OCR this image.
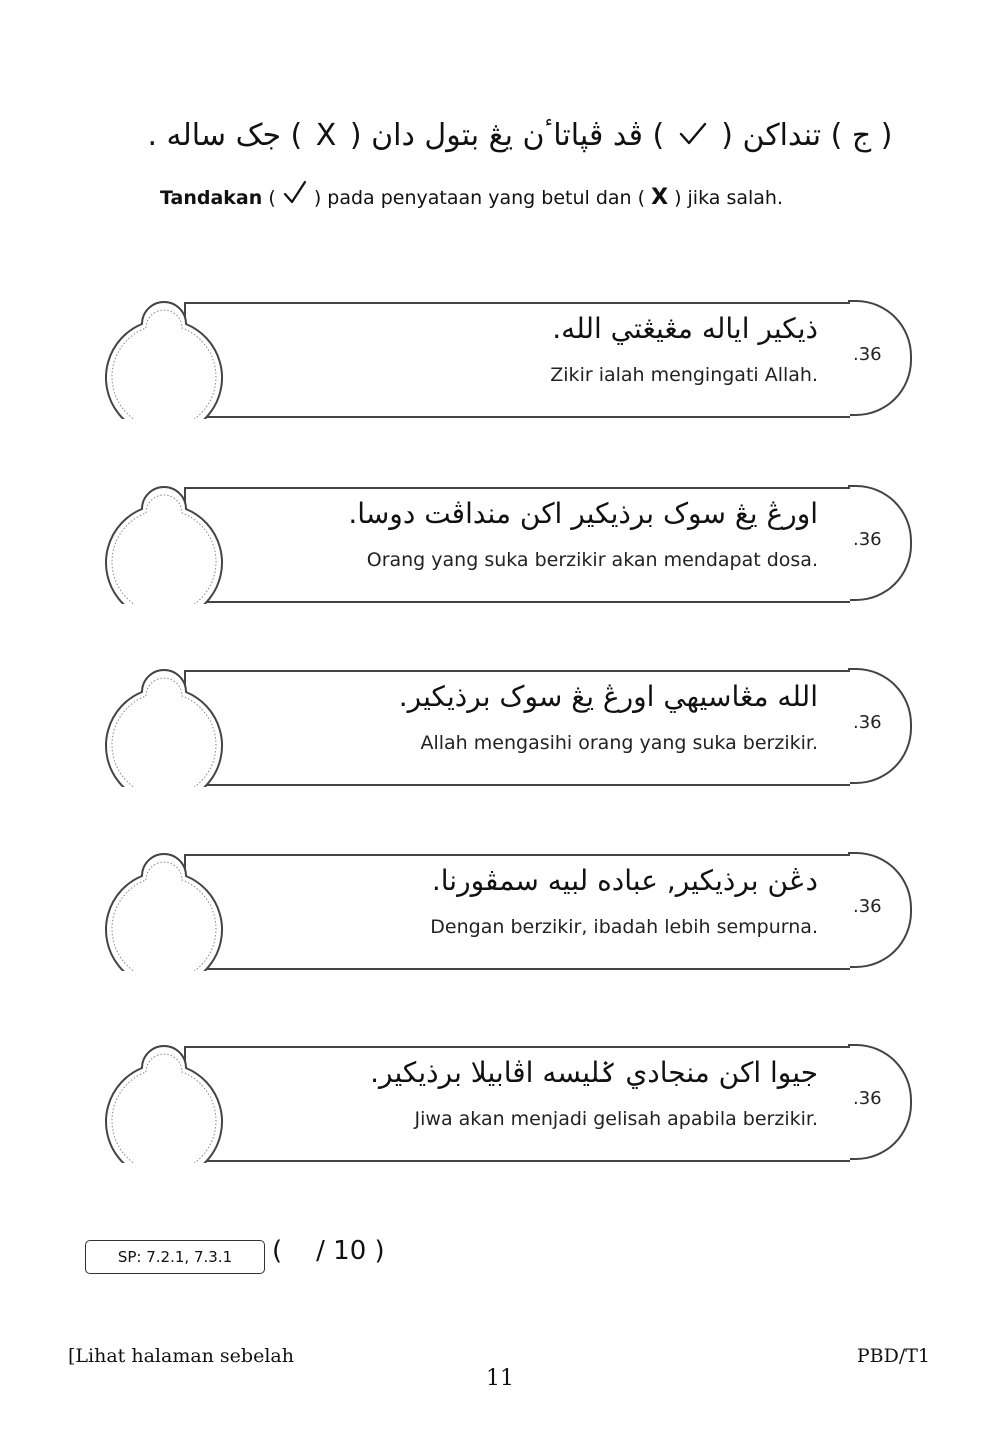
( ج ) تنداكن (  ) ڤد ڤپاتاٴن يڠ بتول دان ( X ) جک ساله .
Tandakan ( ) pada penyataan yang betul dan ( X ) jika salah.
ذيکير اياله مڠيڠتي الله.
Zikir ialah mengingati Allah.
.36
اورڠ يڠ سوک برذيکير اکن منداڤت دوسا.
Orang yang suka berzikir akan mendapat dosa.
.36
الله مڠاسيهي اورڠ يڠ سوک برذيکير.
Allah mengasihi orang yang suka berzikir.
.36
دڠن برذيکير, عباده لبيه سمڤورنا.
Dengan berzikir, ibadah lebih sempurna.
.36
جيوا اکن منجادي ݢليسه اڤابيلا برذيکير.
Jiwa akan menjadi gelisah apabila berzikir.
.36
SP: 7.2.1, 7.3.1	( / 10 )
[Lihat halaman sebelah	PBD/T1
11
